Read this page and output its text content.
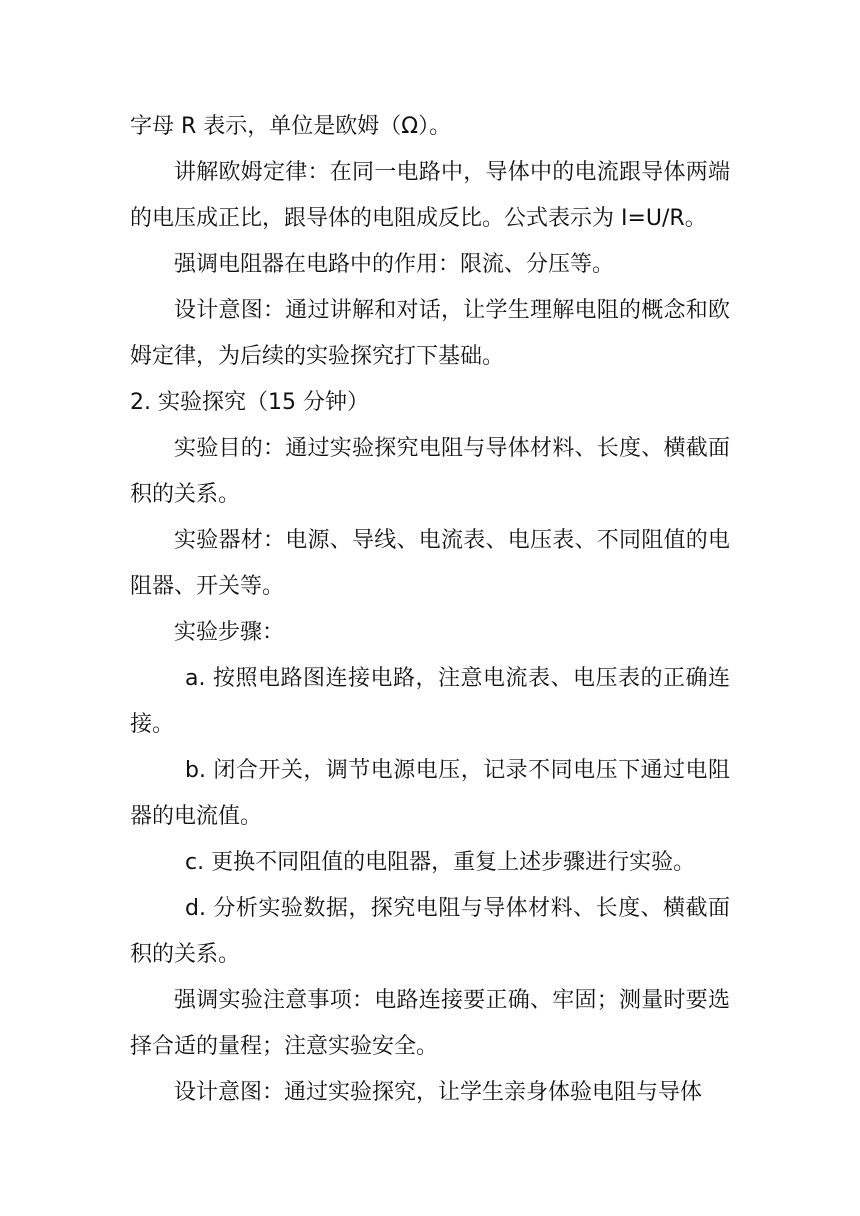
字母 R 表示，单位是欧姆（Ω）。

讲解欧姆定律：在同一电路中，导体中的电流跟导体两端的电压成正比，跟导体的电阻成反比。公式表示为 I=U/R。

强调电阻器在电路中的作用：限流、分压等。

设计意图：通过讲解和对话，让学生理解电阻的概念和欧姆定律，为后续的实验探究打下基础。

2. 实验探究（15 分钟）

实验目的：通过实验探究电阻与导体材料、长度、横截面积的关系。

实验器材：电源、导线、电流表、电压表、不同阻值的电阻器、开关等。

实验步骤：

a. 按照电路图连接电路，注意电流表、电压表的正确连接。

b. 闭合开关，调节电源电压，记录不同电压下通过电阻器的电流值。

c. 更换不同阻值的电阻器，重复上述步骤进行实验。

d. 分析实验数据，探究电阻与导体材料、长度、横截面积的关系。

强调实验注意事项：电路连接要正确、牢固；测量时要选择合适的量程；注意实验安全。

设计意图：通过实验探究，让学生亲身体验电阻与导体
